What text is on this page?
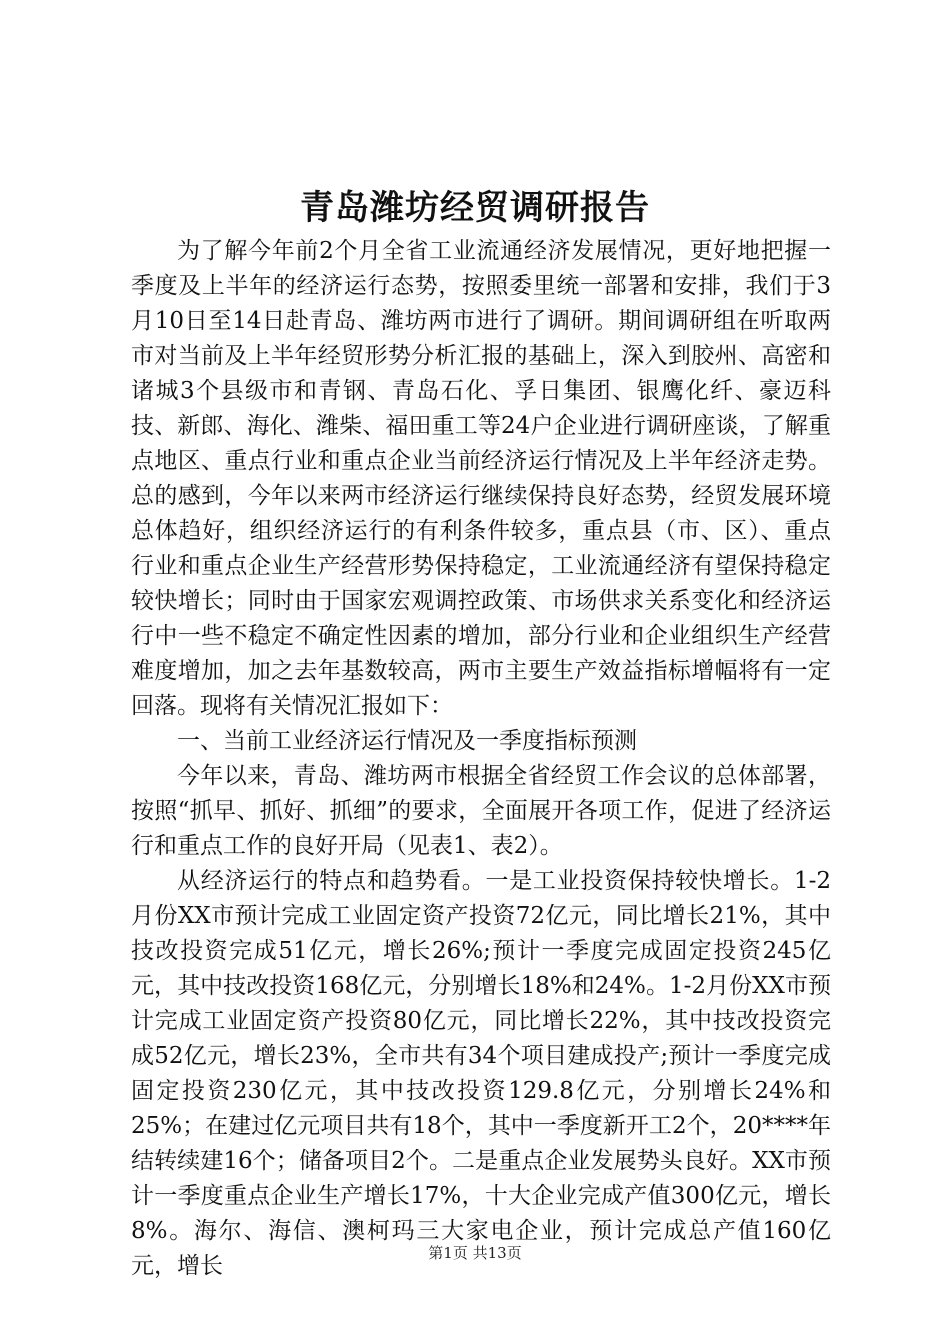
青岛潍坊经贸调研报告

为了解今年前2个月全省工业流通经济发展情况，更好地把握一季度及上半年的经济运行态势，按照委里统一部署和安排，我们于3月10日至14日赴青岛、潍坊两市进行了调研。期间调研组在听取两市对当前及上半年经贸形势分析汇报的基础上，深入到胶州、高密和诸城3个县级市和青钢、青岛石化、孚日集团、银鹰化纤、豪迈科技、新郎、海化、潍柴、福田重工等24户企业进行调研座谈，了解重点地区、重点行业和重点企业当前经济运行情况及上半年经济走势。总的感到，今年以来两市经济运行继续保持良好态势，经贸发展环境总体趋好，组织经济运行的有利条件较多，重点县（市、区）、重点行业和重点企业生产经营形势保持稳定，工业流通经济有望保持稳定较快增长；同时由于国家宏观调控政策、市场供求关系变化和经济运行中一些不稳定不确定性因素的增加，部分行业和企业组织生产经营难度增加，加之去年基数较高，两市主要生产效益指标增幅将有一定回落。现将有关情况汇报如下：

一、当前工业经济运行情况及一季度指标预测

今年以来，青岛、潍坊两市根据全省经贸工作会议的总体部署，按照“抓早、抓好、抓细”的要求，全面展开各项工作，促进了经济运行和重点工作的良好开局（见表1、表2）。

从经济运行的特点和趋势看。一是工业投资保持较快增长。1-2月份XX市预计完成工业固定资产投资72亿元，同比增长21%，其中技改投资完成51亿元，增长26%;预计一季度完成固定投资245亿元，其中技改投资168亿元，分别增长18%和24%。1-2月份XX市预计完成工业固定资产投资80亿元，同比增长22%，其中技改投资完成52亿元，增长23%，全市共有34个项目建成投产;预计一季度完成固定投资230亿元，其中技改投资129.8亿元，分别增长24%和25%；在建过亿元项目共有18个，其中一季度新开工2个，20****年结转续建16个；储备项目2个。二是重点企业发展势头良好。XX市预计一季度重点企业生产增长17%，十大企业完成产值300亿元，增长8%。海尔、海信、澳柯玛三大家电企业，预计完成总产值160亿元，增长	第1页 共13页
